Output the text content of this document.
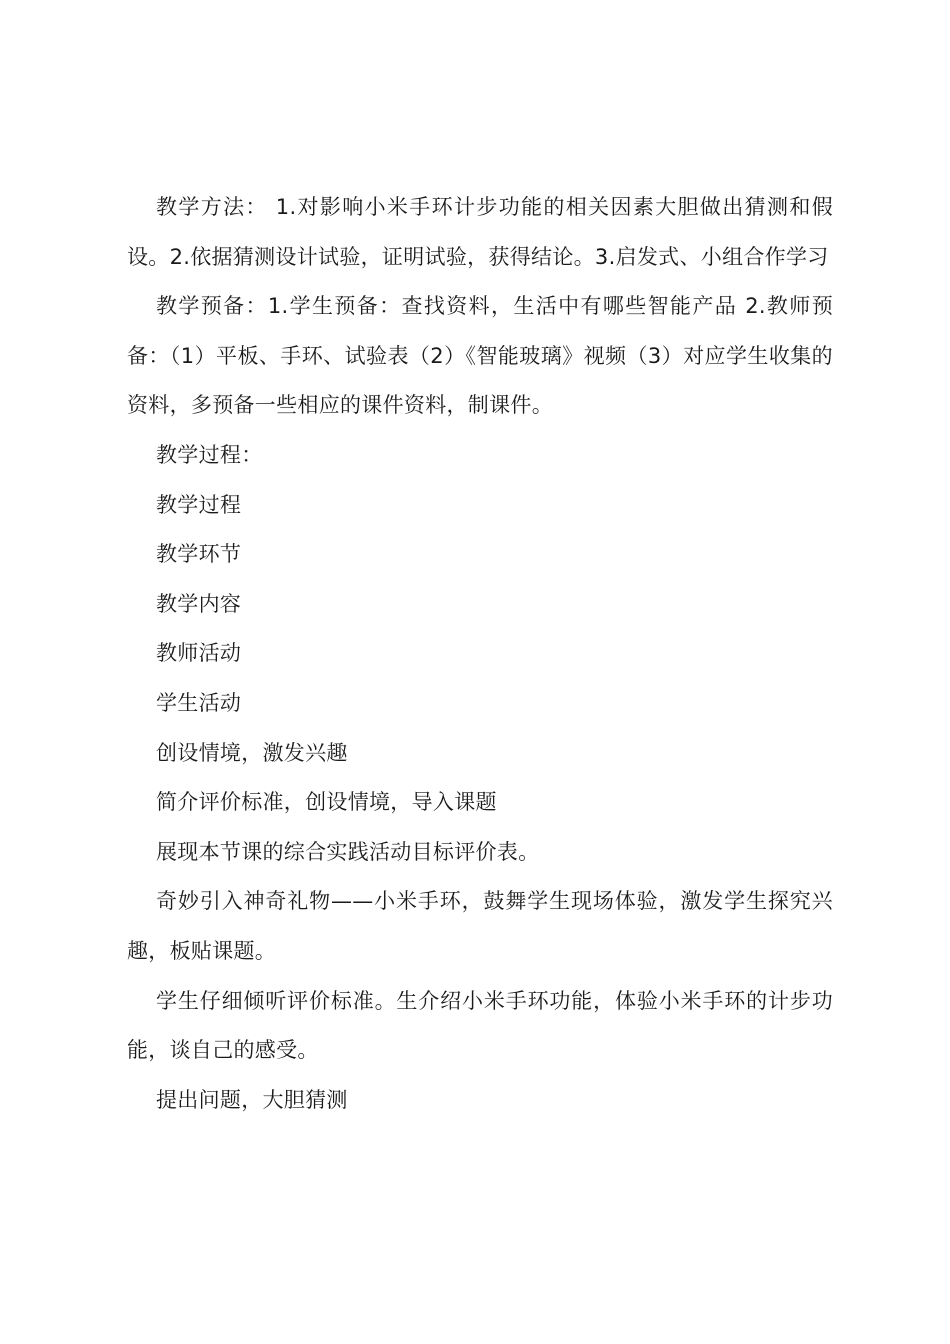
教学方法： 1.对影响小米手环计步功能的相关因素大胆做出猜测和假设。2.依据猜测设计试验，证明试验，获得结论。3.启发式、小组合作学习

教学预备：1.学生预备：查找资料，生活中有哪些智能产品 2.教师预备：（1）平板、手环、试验表（2）《智能玻璃》视频（3）对应学生收集的资料，多预备一些相应的课件资料，制课件。

教学过程：

教学过程

教学环节

教学内容

教师活动

学生活动

创设情境，激发兴趣

简介评价标准，创设情境，导入课题

展现本节课的综合实践活动目标评价表。

奇妙引入神奇礼物——小米手环，鼓舞学生现场体验，激发学生探究兴趣，板贴课题。

学生仔细倾听评价标准。生介绍小米手环功能，体验小米手环的计步功能，谈自己的感受。

提出问题，大胆猜测
